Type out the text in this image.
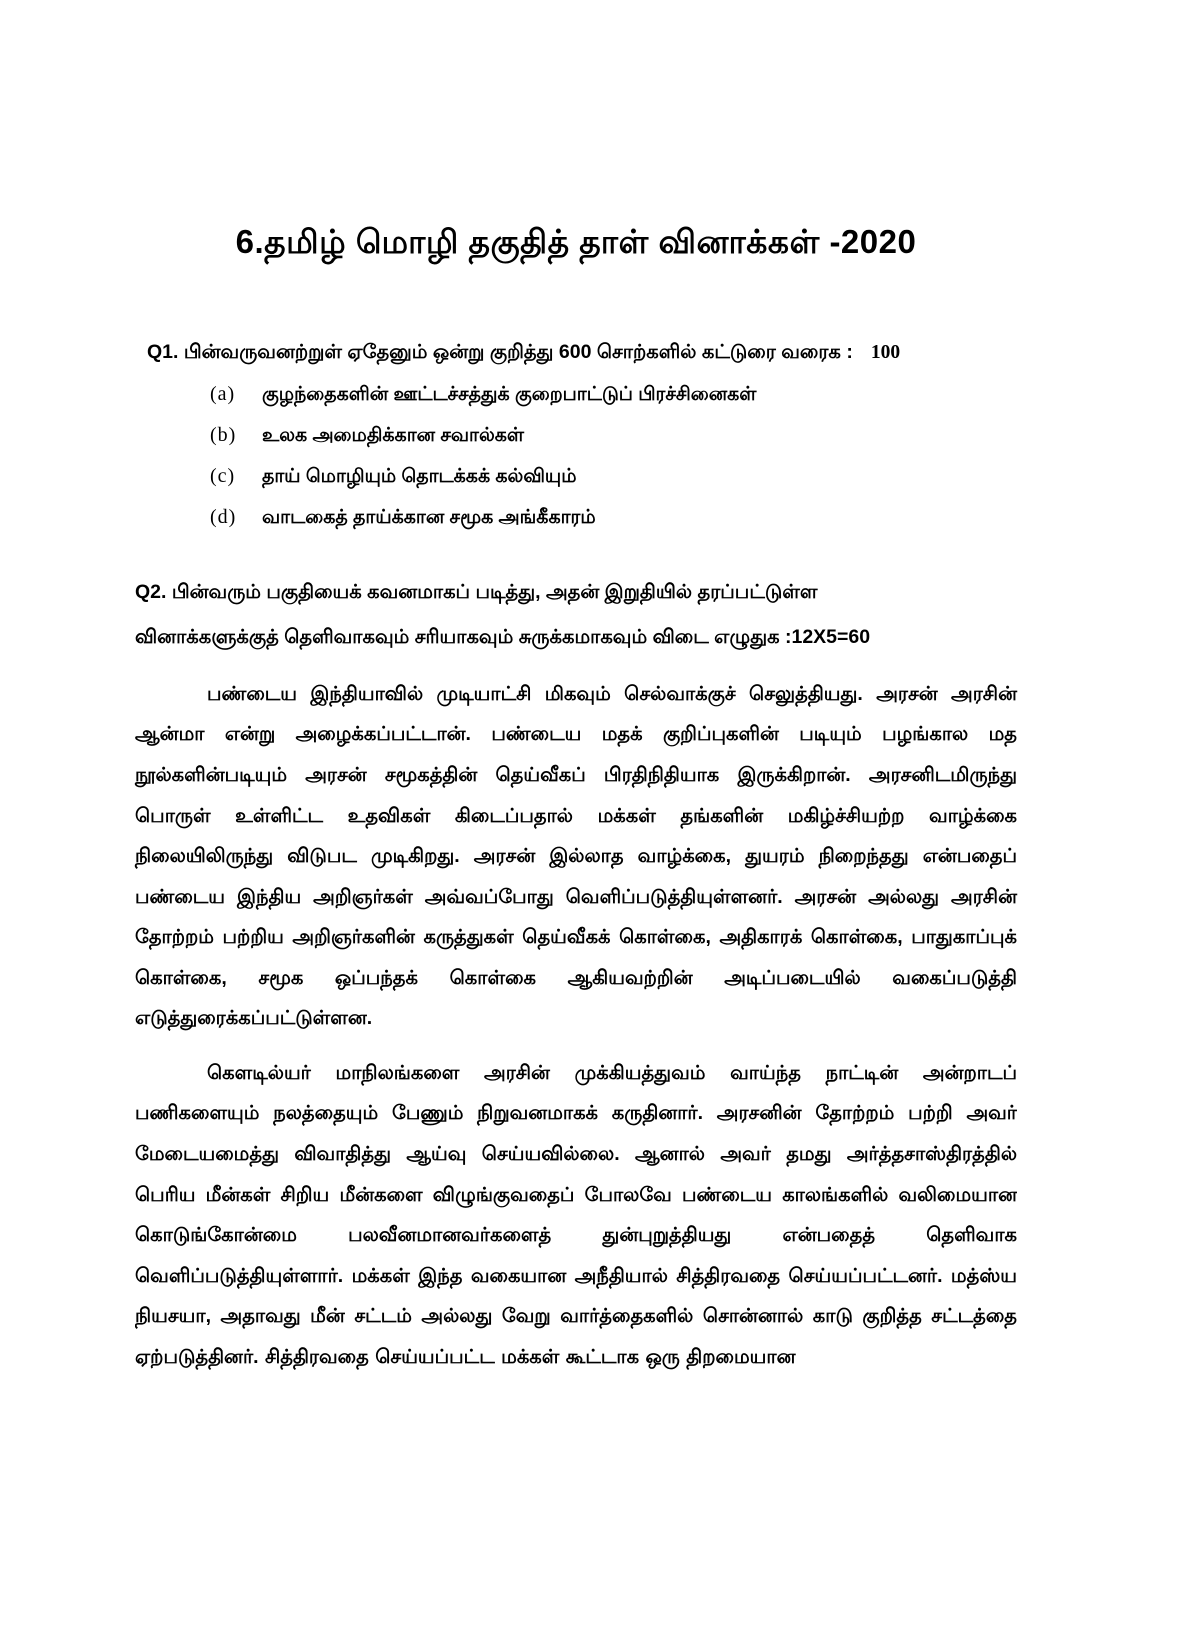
6.தமிழ் மொழி தகுதித் தாள் வினாக்கள் -2020
Q1. பின்வருவனற்றுள் ஏதேனும் ஒன்று குறித்து 600 சொற்களில் கட்டுரை வரைக : 100
(a)	குழந்தைகளின் ஊட்டச்சத்துக் குறைபாட்டுப் பிரச்சினைகள்
(b)	உலக அமைதிக்கான சவால்கள்
(c)	தாய் மொழியும் தொடக்கக் கல்வியும்
(d)	வாடகைத் தாய்க்கான சமூக அங்கீகாரம்
Q2. பின்வரும் பகுதியைக் கவனமாகப் படித்து, அதன் இறுதியில் தரப்பட்டுள்ள
வினாக்களுக்குத் தெளிவாகவும் சரியாகவும் சுருக்கமாகவும் விடை எழுதுக :12X5=60

பண்டைய இந்தியாவில் முடியாட்சி மிகவும் செல்வாக்குச் செலுத்தியது. அரசன் அரசின் ஆன்மா என்று அழைக்கப்பட்டான். பண்டைய மதக் குறிப்புகளின் படியும் பழங்கால மத நூல்களின்படியும் அரசன் சமூகத்தின் தெய்வீகப் பிரதிநிதியாக இருக்கிறான். அரசனிடமிருந்து பொருள் உள்ளிட்ட உதவிகள் கிடைப்பதால் மக்கள் தங்களின் மகிழ்ச்சியற்ற வாழ்க்கை நிலையிலிருந்து விடுபட முடிகிறது. அரசன் இல்லாத வாழ்க்கை, துயரம் நிறைந்தது என்பதைப் பண்டைய இந்திய அறிஞர்கள் அவ்வப்போது வெளிப்படுத்தியுள்ளனர். அரசன் அல்லது அரசின் தோற்றம் பற்றிய அறிஞர்களின் கருத்துகள் தெய்வீகக் கொள்கை, அதிகாரக் கொள்கை, பாதுகாப்புக் கொள்கை, சமூக ஒப்பந்தக் கொள்கை ஆகியவற்றின் அடிப்படையில் வகைப்படுத்தி எடுத்துரைக்கப்பட்டுள்ளன.

கௌடில்யர் மாநிலங்களை அரசின் முக்கியத்துவம் வாய்ந்த நாட்டின் அன்றாடப் பணிகளையும் நலத்தையும் பேணும் நிறுவனமாகக் கருதினார். அரசனின் தோற்றம் பற்றி அவர் மேடையமைத்து விவாதித்து ஆய்வு செய்யவில்லை. ஆனால் அவர் தமது அர்த்தசாஸ்திரத்தில் பெரிய மீன்கள் சிறிய மீன்களை விழுங்குவதைப் போலவே பண்டைய காலங்களில் வலிமையான கொடுங்கோன்மை பலவீனமானவர்களைத் துன்புறுத்தியது என்பதைத் தெளிவாக வெளிப்படுத்தியுள்ளார். மக்கள் இந்த வகையான அநீதியால் சித்திரவதை செய்யப்பட்டனர். மத்ஸ்ய நியசயா, அதாவது மீன் சட்டம் அல்லது வேறு வார்த்தைகளில் சொன்னால் காடு குறித்த சட்டத்தை ஏற்படுத்தினர். சித்திரவதை செய்யப்பட்ட மக்கள் கூட்டாக ஒரு திறமையான
